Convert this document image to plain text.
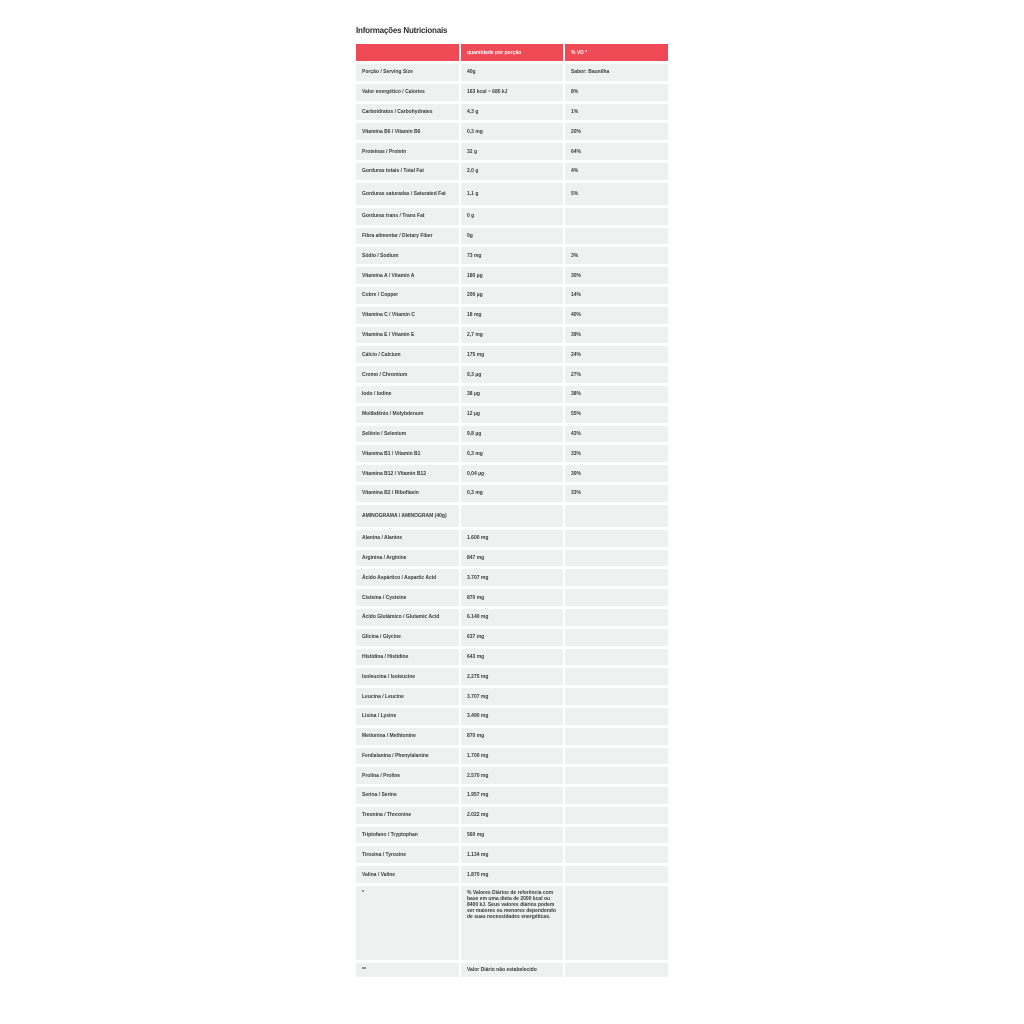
Informações Nutricionais
	quantidade por porção	% VD *
Porção / Serving Size	40g	Sabor: Baunilha
Valor energético / Calories	163 kcal ~ 685 kJ	8%
Carboidratos / Carbohydrates	4,3 g	1%
Vitamina B6 / Vitamin B6	0,3 mg	20%
Proteínas / Protein	32 g	64%
Gorduras totais / Total Fat	2,0 g	4%
Gorduras saturadas / Saturated Fat	1,1 g	5%
Gorduras trans / Trans Fat	0 g	
Fibra alimentar / Dietary Fiber	0g	
Sódio / Sodium	73 mg	3%
Vitamina A / Vitamin A	180 µg	30%
Cobre / Copper	200 µg	14%
Vitamina C / Vitamin C	18 mg	40%
Vitamina E / Vitamin E	2,7 mg	39%
Cálcio / Calcium	175 mg	24%
Cromo / Chromium	9,3 µg	27%
Iodo / Iodine	38 µg	38%
Molibdênio / Molybdenum	12 µg	55%
Selênio / Selenium	9,8 µg	43%
Vitamina B1 / Vitamin B1	0,3 mg	33%
Vitamina B12 / Vitamin B12	0,04 µg	30%
Vitamina B2 / Riboflavin	0,3 mg	33%
AMINOGRAMA / AMINOGRAM (40g)		
Alanina / Alanine	1.600 mg	
Arginina / Arginine	847 mg	
Ácido Aspártico / Aspartic Acid	3.707 mg	
Cisteína / Cysteine	870 mg	
Ácido Glutâmico / Glutamic Acid	6.140 mg	
Glicina / Glycine	637 mg	
Histidina / Histidine	643 mg	
Isoleucina / Isoleucine	2.275 mg	
Leucina / Leucine	3.707 mg	
Lisina / Lysine	3.490 mg	
Metionina / Methionine	870 mg	
Fenilalanina / Phenylalanine	1.700 mg	
Prolina / Proline	2.570 mg	
Serina / Serine	1.957 mg	
Treonina / Threonine	2.022 mg	
Triptofano / Tryptophan	560 mg	
Tirosina / Tyrosine	1.134 mg	
Valina / Valine	1.870 mg	
*	% Valores Diários de referência com base em uma dieta de 2000 kcal ou 8400 kJ. Seus valores diários podem ser maiores ou menores dependendo de suas necessidades energéticas.	
**	Valor Diário não estabelecido	
